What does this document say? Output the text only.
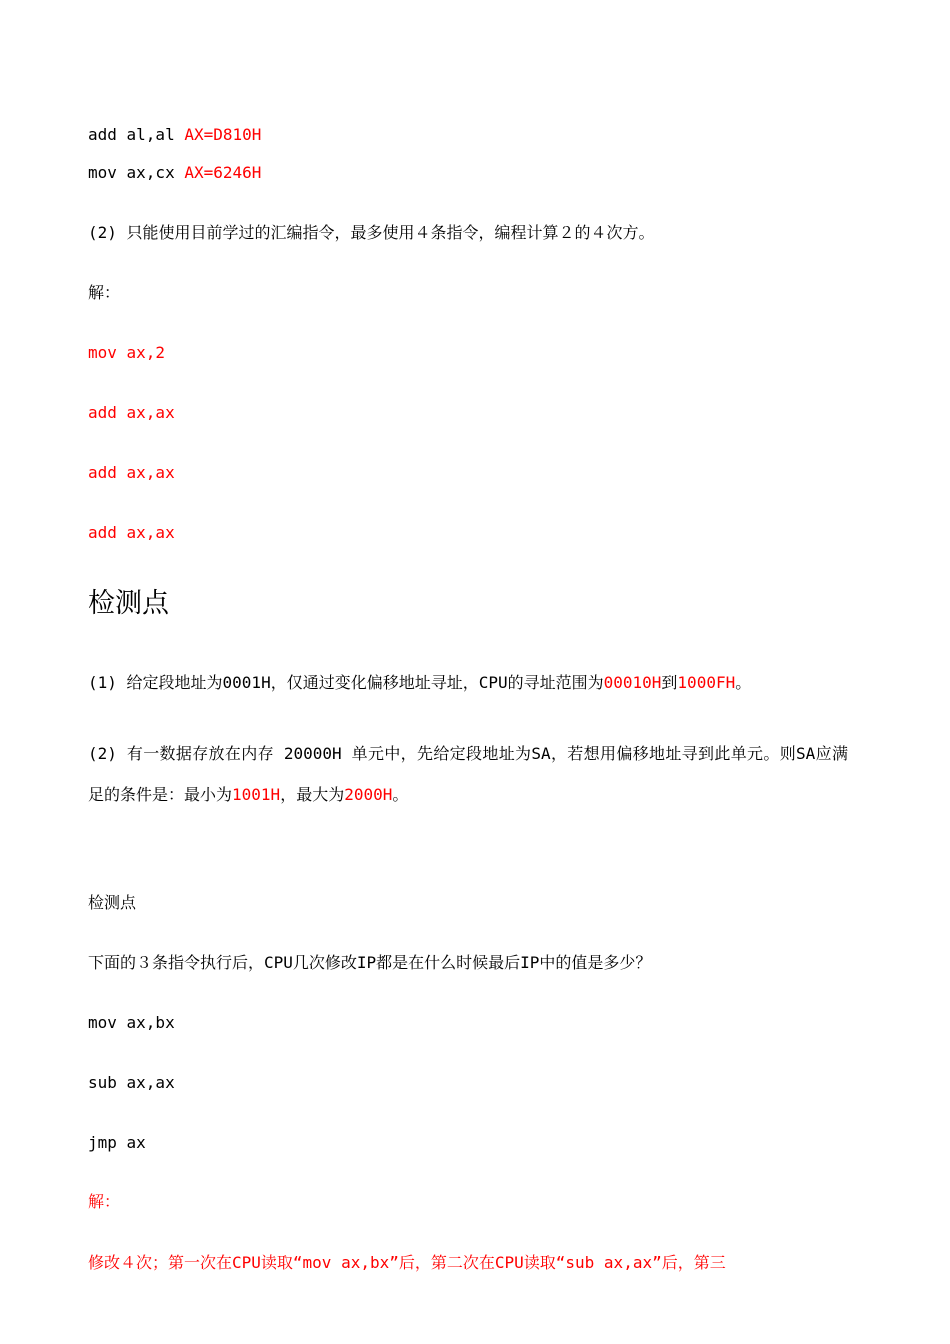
add al,al AX=D810H
mov ax,cx AX=6246H
(2) 只能使用目前学过的汇编指令，最多使用４条指令，编程计算２的４次方。
解：
mov ax,2
add ax,ax
add ax,ax
add ax,ax
检测点
(1) 给定段地址为0001H，仅通过变化偏移地址寻址，CPU的寻址范围为00010H到1000FH。
(2) 有一数据存放在内存 20000H 单元中，先给定段地址为SA，若想用偏移地址寻到此单元。则SA应满足的条件是：最小为1001H，最大为2000H。
检测点
下面的３条指令执行后，CPU几次修改IP都是在什么时候最后IP中的值是多少？
mov ax,bx
sub ax,ax
jmp ax
解：
修改４次；第一次在CPU读取“mov ax,bx”后，第二次在CPU读取“sub ax,ax”后，第三
